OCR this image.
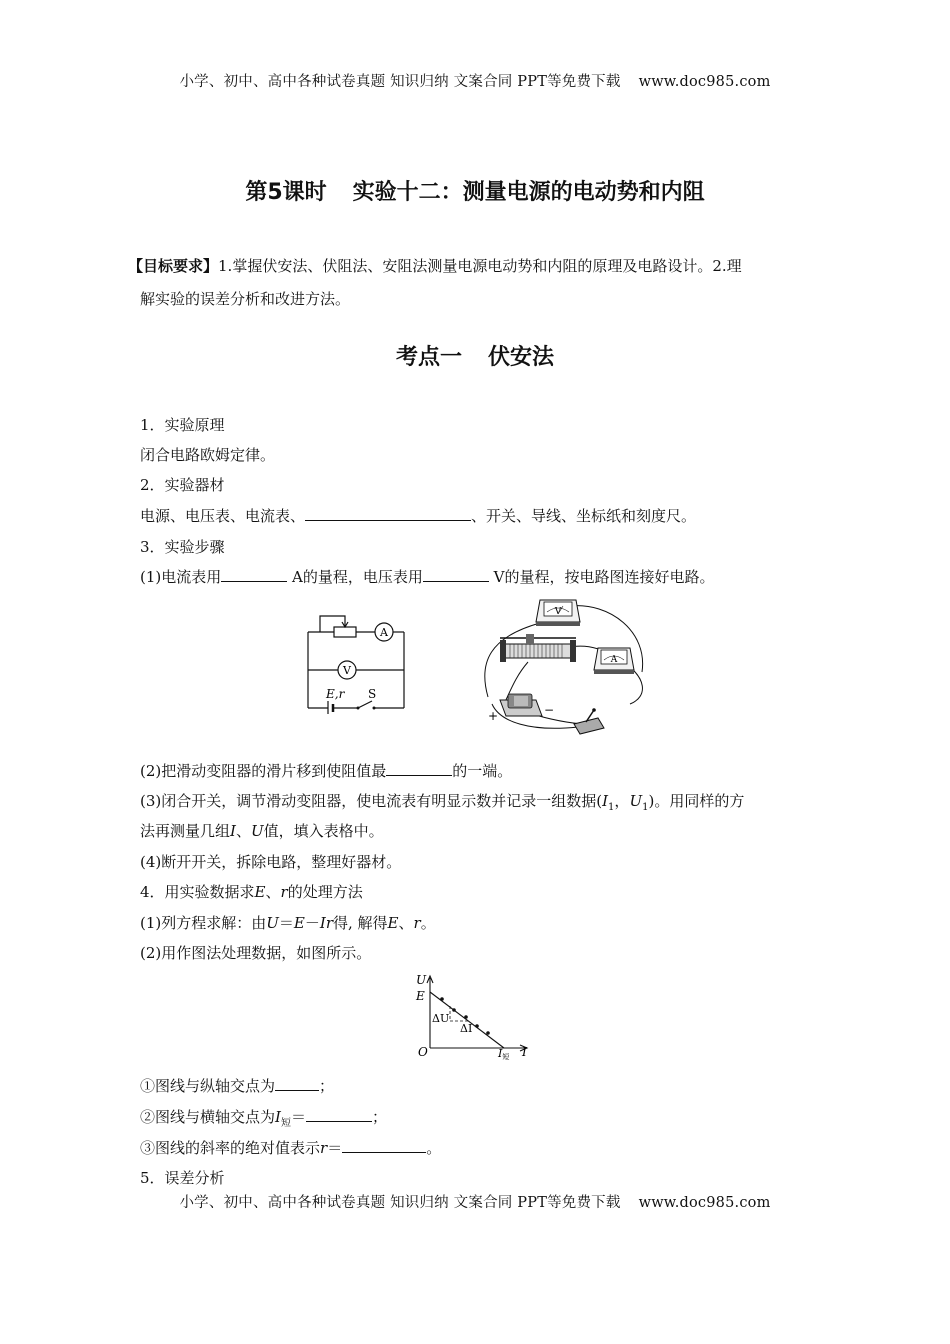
小学、初中、高中各种试卷真题 知识归纳 文案合同 PPT等免费下载 www.doc985.com
第5课时 实验十二：测量电源的电动势和内阻
【目标要求】1.掌握伏安法、伏阻法、安阻法测量电源电动势和内阻的原理及电路设计。2.理
解实验的误差分析和改进方法。
考点一 伏安法
1．实验原理
闭合电路欧姆定律。
2．实验器材
电源、电压表、电流表、	、开关、导线、坐标纸和刻度尺。
3．实验步骤
(1)电流表用	A的量程，电压表用	V的量程，按电路图连接好电路。
A
V
E,r S
V
A
+	−
(2)把滑动变阻器的滑片移到使阻值最	的一端。
(3)闭合开关，调节滑动变阻器，使电流表有明显示数并记录一组数据($I_1$，$U_1$)。用同样的方
法再测量几组I、U值，填入表格中。
(4)断开开关，拆除电路，整理好器材。
4．用实验数据求E、r的处理方法
(1)列方程求解：由U＝E－Ir得, 解得E、r。
(2)用作图法处理数据，如图所示。
U
E
O	I
ΔU
ΔI
I短
①图线与纵轴交点为	；
②图线与横轴交点为$I_短=$	；
③图线的斜率的绝对值表示r＝	。
5．误差分析
小学、初中、高中各种试卷真题 知识归纳 文案合同 PPT等免费下载 www.doc985.com
